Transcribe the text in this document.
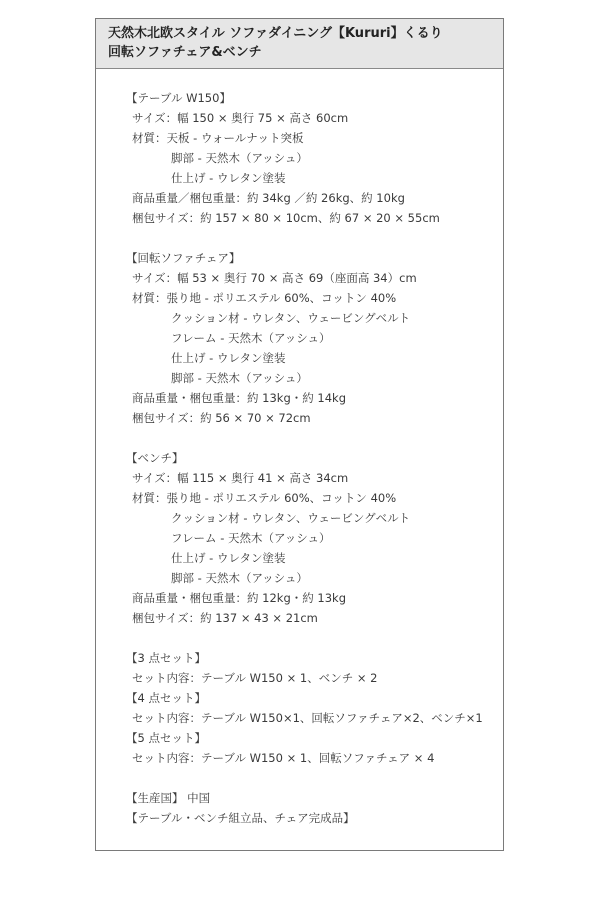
天然木北欧スタイル ソファダイニング【Kururi】くるり
回転ソファチェア&ベンチ
【テーブル W150】
サイズ：幅 150 × 奥行 75 × 高さ 60cm
材質：天板 - ウォールナット突板
脚部 - 天然木（アッシュ）
仕上げ - ウレタン塗装
商品重量／梱包重量：約 34kg ／約 26kg、約 10kg
梱包サイズ：約 157 × 80 × 10cm、約 67 × 20 × 55cm
【回転ソファチェア】
サイズ：幅 53 × 奥行 70 × 高さ 69（座面高 34）cm
材質：張り地 - ポリエステル 60%、コットン 40%
クッション材 - ウレタン、ウェービングベルト
フレーム - 天然木（アッシュ）
仕上げ - ウレタン塗装
脚部 - 天然木（アッシュ）
商品重量・梱包重量：約 13kg・約 14kg
梱包サイズ：約 56 × 70 × 72cm
【ベンチ】
サイズ：幅 115 × 奥行 41 × 高さ 34cm
材質：張り地 - ポリエステル 60%、コットン 40%
クッション材 - ウレタン、ウェービングベルト
フレーム - 天然木（アッシュ）
仕上げ - ウレタン塗装
脚部 - 天然木（アッシュ）
商品重量・梱包重量：約 12kg・約 13kg
梱包サイズ：約 137 × 43 × 21cm
【3 点セット】
セット内容：テーブル W150 × 1、ベンチ × 2
【4 点セット】
セット内容：テーブル W150×1、回転ソファチェア×2、ベンチ×1
【5 点セット】
セット内容：テーブル W150 × 1、回転ソファチェア × 4
【生産国】 中国
【テーブル・ベンチ組立品、チェア完成品】
